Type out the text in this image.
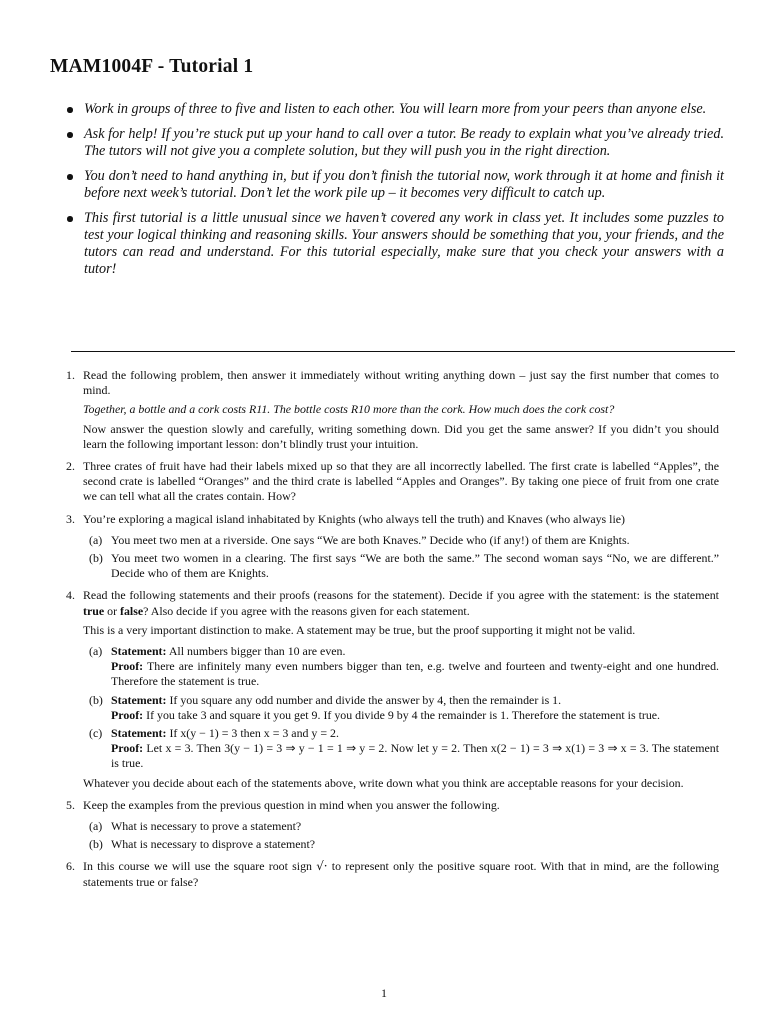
MAM1004F - Tutorial 1
Work in groups of three to five and listen to each other. You will learn more from your peers than anyone else.
Ask for help! If you’re stuck put up your hand to call over a tutor. Be ready to explain what you’ve already tried. The tutors will not give you a complete solution, but they will push you in the right direction.
You don’t need to hand anything in, but if you don’t finish the tutorial now, work through it at home and finish it before next week’s tutorial. Don’t let the work pile up – it becomes very difficult to catch up.
This first tutorial is a little unusual since we haven’t covered any work in class yet. It includes some puzzles to test your logical thinking and reasoning skills. Your answers should be something that you, your friends, and the tutors can read and understand. For this tutorial especially, make sure that you check your answers with a tutor!
1. Read the following problem, then answer it immediately without writing anything down – just say the first number that comes to mind.

Together, a bottle and a cork costs R11. The bottle costs R10 more than the cork. How much does the cork cost?

Now answer the question slowly and carefully, writing something down. Did you get the same answer? If you didn’t you should learn the following important lesson: don’t blindly trust your intuition.

2. Three crates of fruit have had their labels mixed up so that they are all incorrectly labelled. The first crate is labelled “Apples”, the second crate is labelled “Oranges” and the third crate is labelled “Apples and Oranges”. By taking one piece of fruit from one crate we can tell what all the crates contain. How?

3. You’re exploring a magical island inhabitated by Knights (who always tell the truth) and Knaves (who always lie)

(a) You meet two men at a riverside. One says “We are both Knaves.” Decide who (if any!) of them are Knights.

(b) You meet two women in a clearing. The first says “We are both the same.” The second woman says “No, we are different.” Decide who of them are Knights.

4. Read the following statements and their proofs (reasons for the statement). Decide if you agree with the statement: is the statement true or false? Also decide if you agree with the reasons given for each statement.

This is a very important distinction to make. A statement may be true, but the proof supporting it might not be valid.

(a) Statement: All numbers bigger than 10 are even.

Proof: There are infinitely many even numbers bigger than ten, e.g. twelve and fourteen and twenty-eight and one hundred. Therefore the statement is true.

(b) Statement: If you square any odd number and divide the answer by 4, then the remainder is 1.

Proof: If you take 3 and square it you get 9. If you divide 9 by 4 the remainder is 1. Therefore the statement is true.

(c) Statement: If x(y − 1) = 3 then x = 3 and y = 2.

Proof: Let x = 3. Then 3(y − 1) = 3 ⇒ y − 1 = 1 ⇒ y = 2. Now let y = 2. Then x(2 − 1) = 3 ⇒ x(1) = 3 ⇒ x = 3. The statement is true.

Whatever you decide about each of the statements above, write down what you think are acceptable reasons for your decision.

5. Keep the examples from the previous question in mind when you answer the following.

(a) What is necessary to prove a statement?

(b) What is necessary to disprove a statement?

6. In this course we will use the square root sign √· to represent only the positive square root. With that in mind, are the following statements true or false?

1
